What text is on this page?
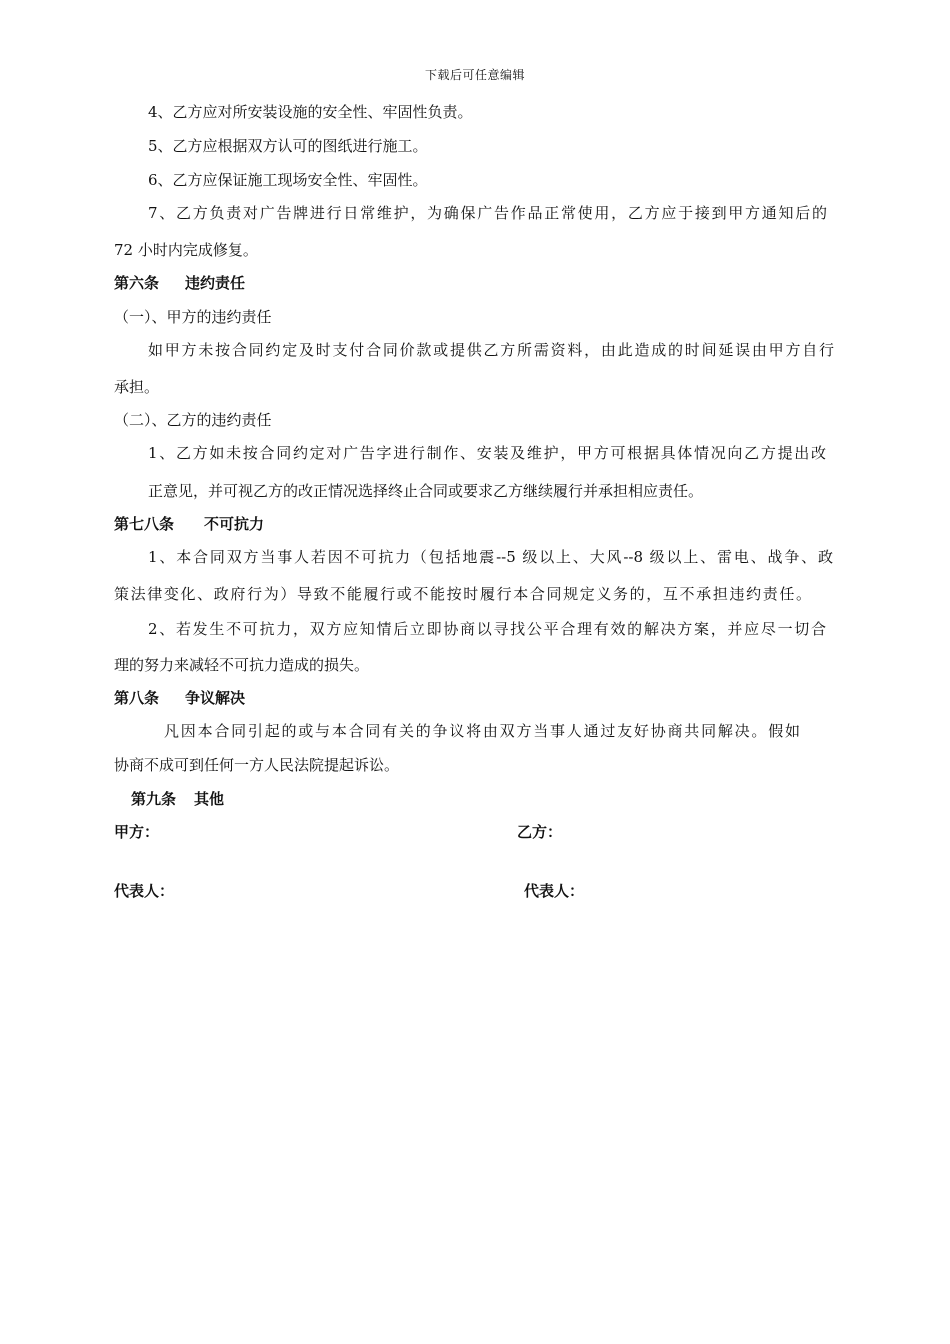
下载后可任意编辑
4、乙方应对所安装设施的安全性、牢固性负责。
5、乙方应根据双方认可的图纸进行施工。
6、乙方应保证施工现场安全性、牢固性。
7、乙方负责对广告牌进行日常维护，为确保广告作品正常使用，乙方应于接到甲方通知后的
72 小时内完成修复。
第六条 违约责任
（一）、甲方的违约责任
如甲方未按合同约定及时支付合同价款或提供乙方所需资料，由此造成的时间延误由甲方自行
承担。
（二）、乙方的违约责任
1、乙方如未按合同约定对广告字进行制作、安装及维护，甲方可根据具体情况向乙方提出改
正意见，并可视乙方的改正情况选择终止合同或要求乙方继续履行并承担相应责任。
第七八条 不可抗力
1、本合同双方当事人若因不可抗力（包括地震--5 级以上、大风--8 级以上、雷电、战争、政
策法律变化、政府行为）导致不能履行或不能按时履行本合同规定义务的，互不承担违约责任。
2、若发生不可抗力，双方应知情后立即协商以寻找公平合理有效的解决方案，并应尽一切合
理的努力来减轻不可抗力造成的损失。
第八条 争议解决
凡因本合同引起的或与本合同有关的争议将由双方当事人通过友好协商共同解决。假如
协商不成可到任何一方人民法院提起诉讼。
第九条 其他
甲方：	乙方：
代表人：	代表人：
